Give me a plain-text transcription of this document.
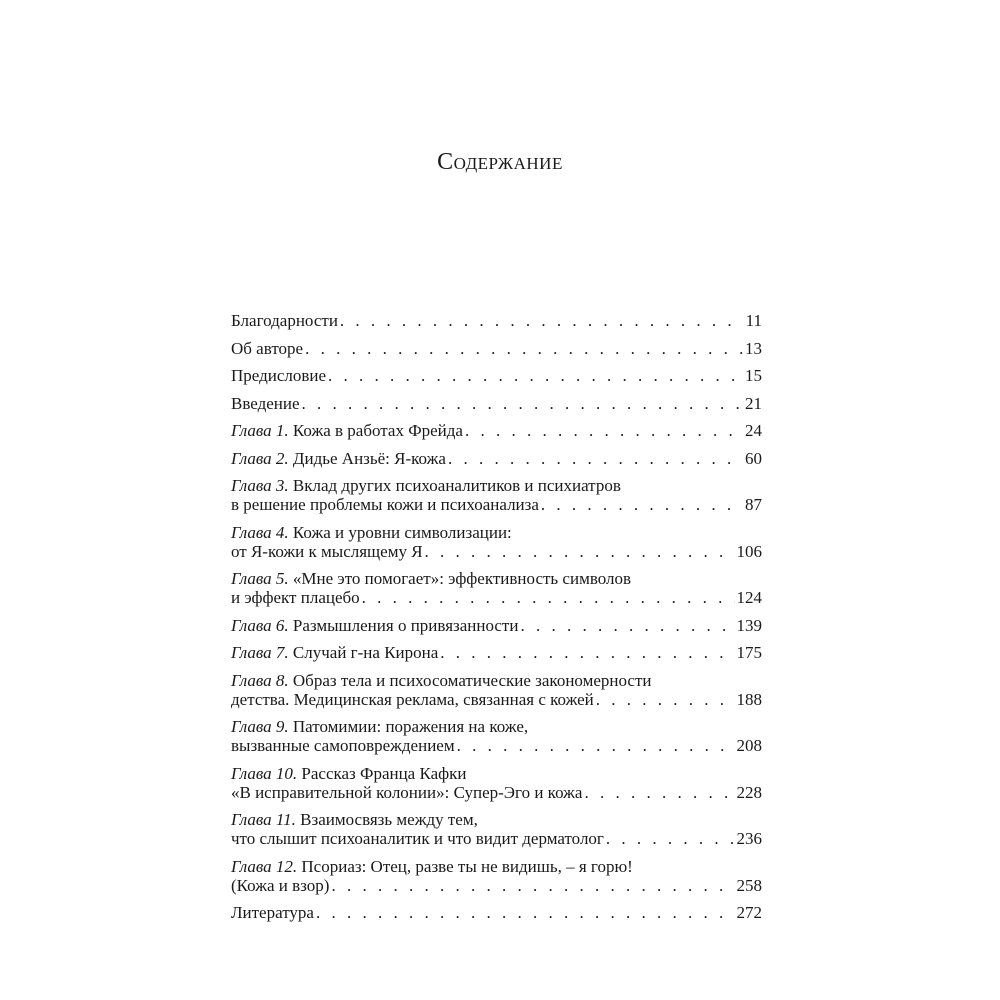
Содержание
Благодарности . . .	11
Об авторе . . .	13
Предисловие . . .	15
Введение . . .	21
Глава 1. Кожа в работах Фрейда . . .	24
Глава 2. Дидье Анзьё: Я-кожа . . .	60
Глава 3. Вклад других психоаналитиков и психиатров
в решение проблемы кожи и психоанализа . . .	87
Глава 4. Кожа и уровни символизации:
от Я-кожи к мыслящему Я . . .	106
Глава 5. «Мне это помогает»: эффективность символов
и эффект плацебо . . .	124
Глава 6. Размышления о привязанности . . .	139
Глава 7. Случай г-на Кирона . . .	175
Глава 8. Образ тела и психосоматические закономерности
детства. Медицинская реклама, связанная с кожей . . .	188
Глава 9. Патомимии: поражения на коже,
вызванные самоповреждением . . .	208
Глава 10. Рассказ Франца Кафки
«В исправительной колонии»: Супер-Эго и кожа . . .	228
Глава 11. Взаимосвязь между тем,
что слышит психоаналитик и что видит дерматолог . . .	236
Глава 12. Псориаз: Отец, разве ты не видишь, – я горю!
(Кожа и взор) . . .	258
Литература . . .	272
